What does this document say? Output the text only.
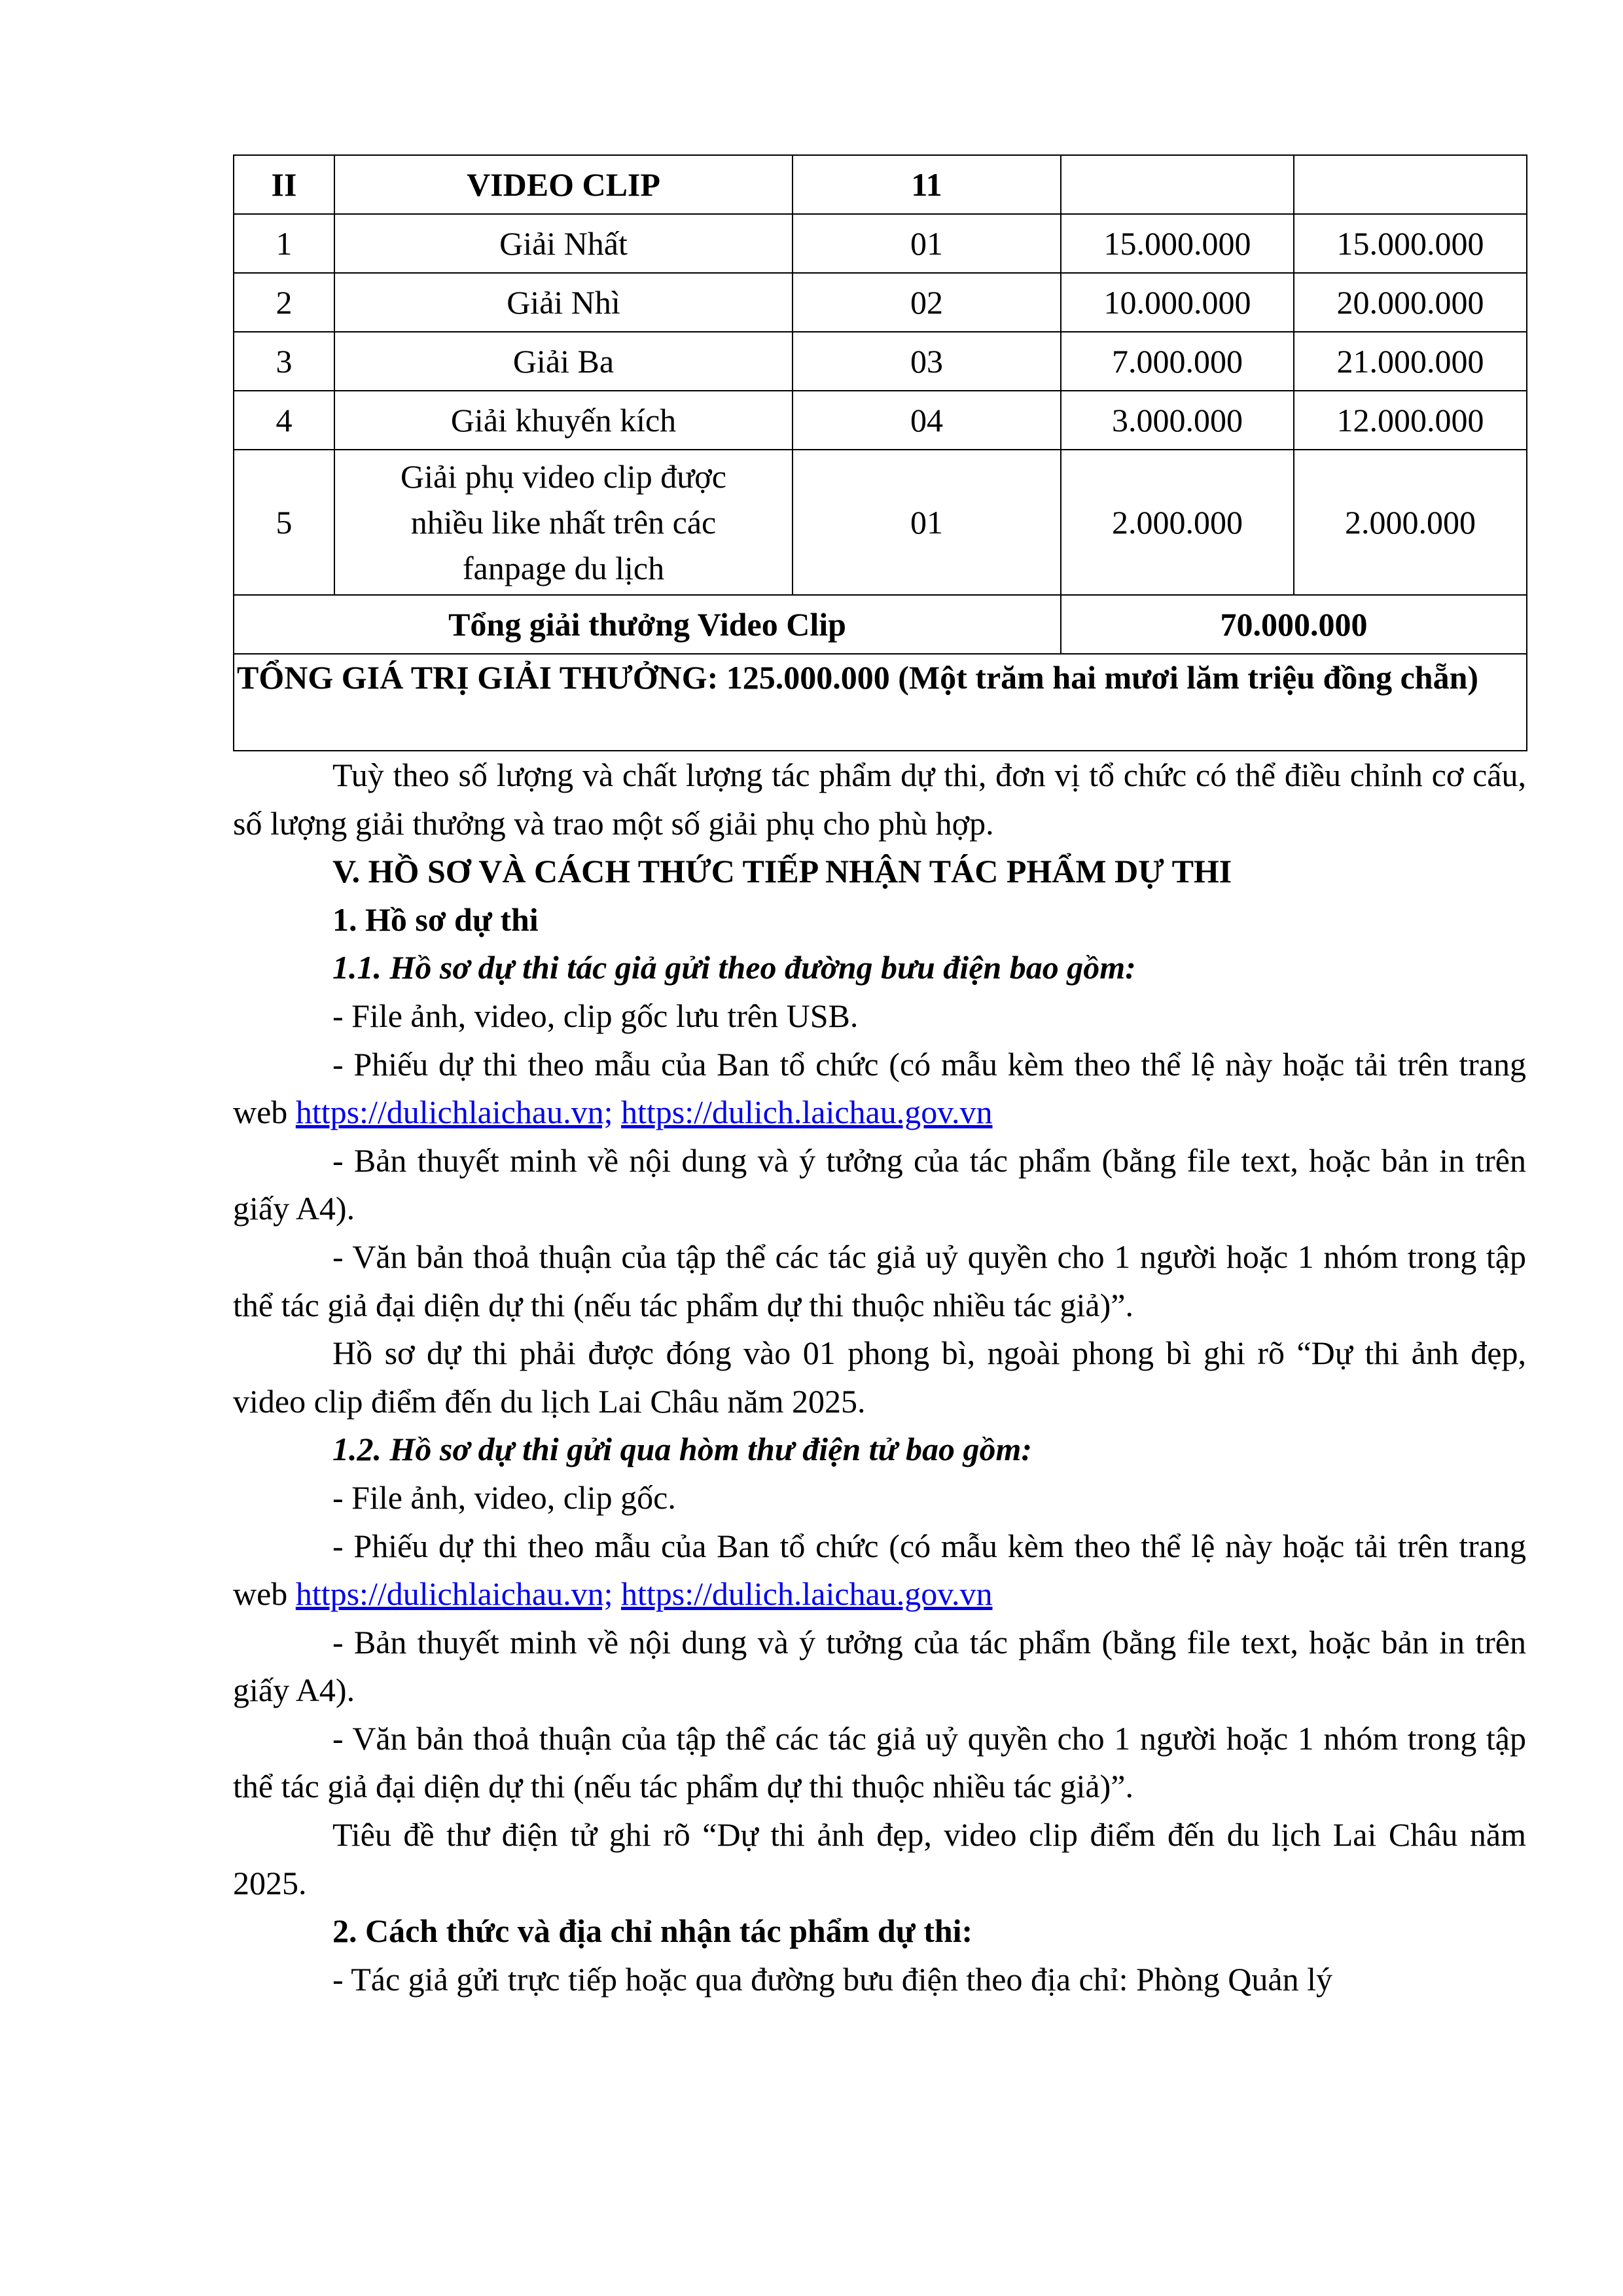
II	VIDEO CLIP	11		
1	Giải Nhất	01	15.000.000	15.000.000
2	Giải Nhì	02	10.000.000	20.000.000
3	Giải Ba	03	7.000.000	21.000.000
4	Giải khuyến kích	04	3.000.000	12.000.000
5	Giải phụ video clip được
nhiều like nhất trên các
fanpage du lịch	01	2.000.000	2.000.000
Tổng giải thưởng Video Clip			70.000.000	
TỔNG GIÁ TRỊ GIẢI THƯỞNG: 125.000.000 (Một trăm hai mươi lăm triệu đồng chẵn)				

Tuỳ theo số lượng và chất lượng tác phẩm dự thi, đơn vị tổ chức có thể điều chỉnh cơ cấu, số lượng giải thưởng và trao một số giải phụ cho phù hợp.

V. HỒ SƠ VÀ CÁCH THỨC TIẾP NHẬN TÁC PHẨM DỰ THI

1. Hồ sơ dự thi

1.1. Hồ sơ dự thi tác giả gửi theo đường bưu điện bao gồm:

- File ảnh, video, clip gốc lưu trên USB.

- Phiếu dự thi theo mẫu của Ban tổ chức (có mẫu kèm theo thể lệ này hoặc tải trên trang web https://dulichlaichau.vn; https://dulich.laichau.gov.vn

- Bản thuyết minh về nội dung và ý tưởng của tác phẩm (bằng file text, hoặc bản in trên giấy A4).

- Văn bản thoả thuận của tập thể các tác giả uỷ quyền cho 1 người hoặc 1 nhóm trong tập thể tác giả đại diện dự thi (nếu tác phẩm dự thi thuộc nhiều tác giả)”.

Hồ sơ dự thi phải được đóng vào 01 phong bì, ngoài phong bì ghi rõ “Dự thi ảnh đẹp, video clip điểm đến du lịch Lai Châu năm 2025.

1.2. Hồ sơ dự thi gửi qua hòm thư điện tử bao gồm:

- File ảnh, video, clip gốc.

- Phiếu dự thi theo mẫu của Ban tổ chức (có mẫu kèm theo thể lệ này hoặc tải trên trang web https://dulichlaichau.vn; https://dulich.laichau.gov.vn

- Bản thuyết minh về nội dung và ý tưởng của tác phẩm (bằng file text, hoặc bản in trên giấy A4).

- Văn bản thoả thuận của tập thể các tác giả uỷ quyền cho 1 người hoặc 1 nhóm trong tập thể tác giả đại diện dự thi (nếu tác phẩm dự thi thuộc nhiều tác giả)”.

Tiêu đề thư điện tử ghi rõ “Dự thi ảnh đẹp, video clip điểm đến du lịch Lai Châu năm 2025.

2. Cách thức và địa chỉ nhận tác phẩm dự thi:

- Tác giả gửi trực tiếp hoặc qua đường bưu điện theo địa chỉ: Phòng Quản lý
